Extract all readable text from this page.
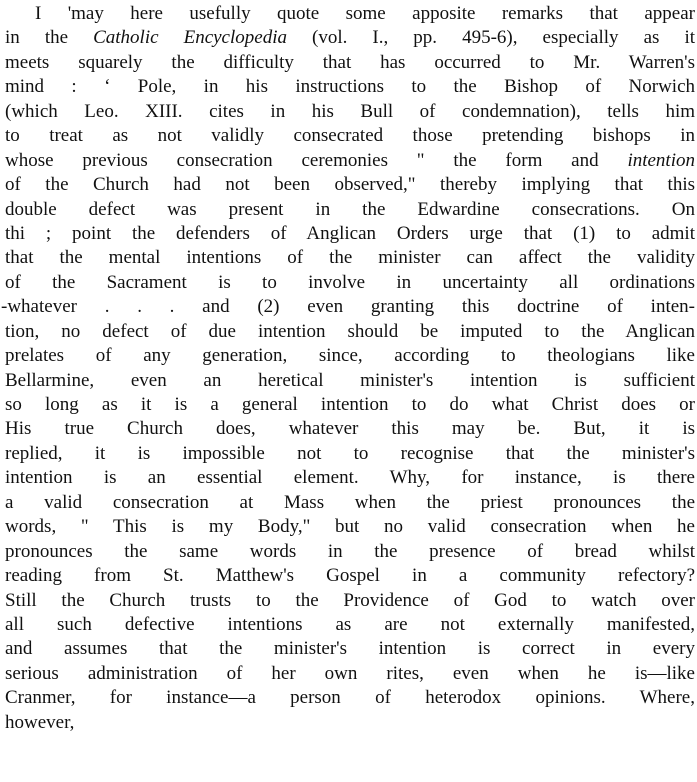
I 'may here usefully quote some apposite remarks that appear
in the Catholic Encyclopedia (vol. I., pp. 495-6), especially as it
meets squarely the difficulty that has occurred to Mr. Warren's
mind : ‘ Pole, in his instructions to the Bishop of Norwich
(which Leo. XIII. cites in his Bull of condemnation), tells him
to treat as not validly consecrated those pretending bishops in
whose previous consecration ceremonies " the form and intention
of the Church had not been observed," thereby implying that this
double defect was present in the Edwardine consecrations. On
thi ; point the defenders of Anglican Orders urge that (1) to admit
that the mental intentions of the minister can affect the validity
of the Sacrament is to involve in uncertainty all ordinations
-whatever . . . and (2) even granting this doctrine of inten-
tion, no defect of due intention should be imputed to the Anglican
prelates of any generation, since, according to theologians like
Bellarmine, even an heretical minister's intention is sufficient
so long as it is a general intention to do what Christ does or
His true Church does, whatever this may be. But, it is
replied, it is impossible not to recognise that the minister's
intention is an essential element. Why, for instance, is there
a valid consecration at Mass when the priest pronounces the
words, " This is my Body," but no valid consecration when he
pronounces the same words in the presence of bread whilst
reading from St. Matthew's Gospel in a community refectory?
Still the Church trusts to the Providence of God to watch over
all such defective intentions as are not externally manifested,
and assumes that the minister's intention is correct in every
serious administration of her own rites, even when he is—like
Cranmer, for instance—a person of heterodox opinions. Where,
however,
